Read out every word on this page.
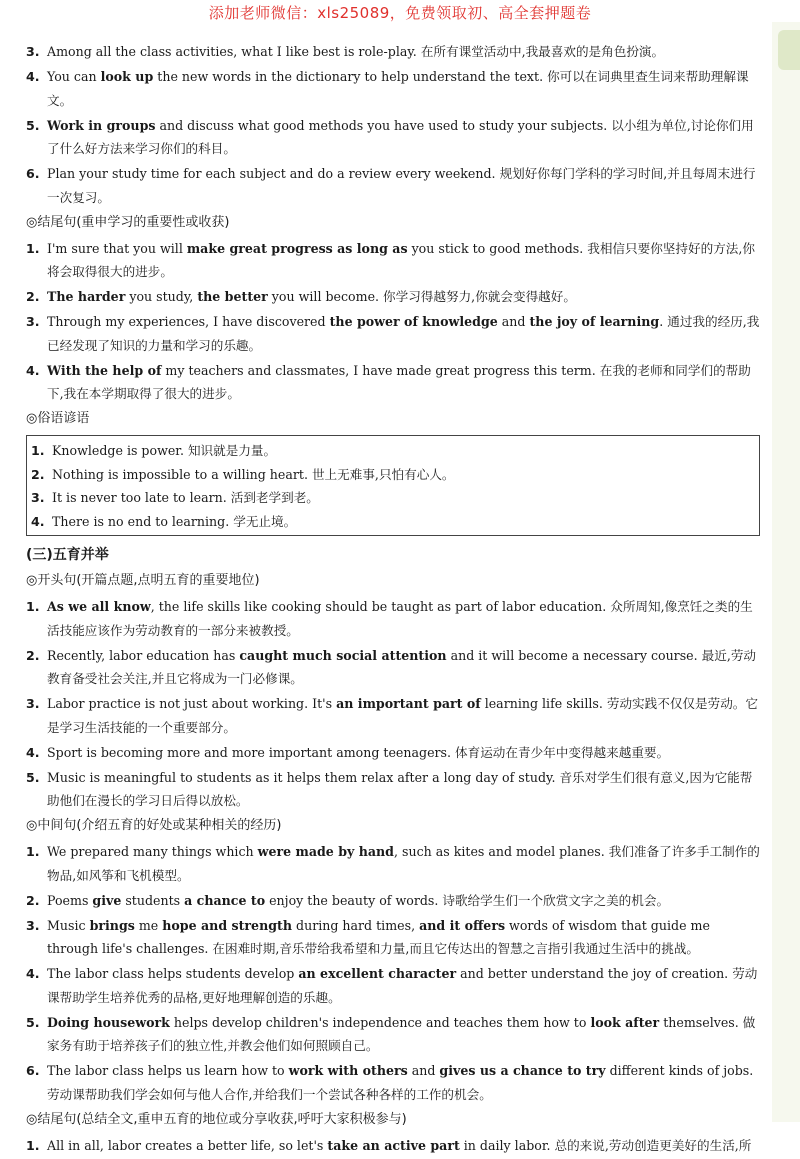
添加老师微信：xls25089，免费领取初、高全套押题卷
3. Among all the class activities, what I like best is role-play. 在所有课堂活动中,我最喜欢的是角色扮演。
4. You can look up the new words in the dictionary to help understand the text. 你可以在词典里查生词来帮助理解课文。
5. Work in groups and discuss what good methods you have used to study your subjects. 以小组为单位,讨论你们用了什么好方法来学习你们的科目。
6. Plan your study time for each subject and do a review every weekend. 规划好你每门学科的学习时间,并且每周末进行一次复习。
◎结尾句(重申学习的重要性或收获)
1. I'm sure that you will make great progress as long as you stick to good methods. 我相信只要你坚持好的方法,你将会取得很大的进步。
2. The harder you study, the better you will become. 你学习得越努力,你就会变得越好。
3. Through my experiences, I have discovered the power of knowledge and the joy of learning. 通过我的经历,我已经发现了知识的力量和学习的乐趣。
4. With the help of my teachers and classmates, I have made great progress this term. 在我的老师和同学们的帮助下,我在本学期取得了很大的进步。
◎俗语谚语
1. Knowledge is power. 知识就是力量。
2. Nothing is impossible to a willing heart. 世上无难事,只怕有心人。
3. It is never too late to learn. 活到老学到老。
4. There is no end to learning. 学无止境。
(三)五育并举
◎开头句(开篇点题,点明五育的重要地位)
1. As we all know, the life skills like cooking should be taught as part of labor education. 众所周知,像烹饪之类的生活技能应该作为劳动教育的一部分来被教授。
2. Recently, labor education has caught much social attention and it will become a necessary course. 最近,劳动教育备受社会关注,并且它将成为一门必修课。
3. Labor practice is not just about working. It's an important part of learning life skills. 劳动实践不仅仅是劳动。它是学习生活技能的一个重要部分。
4. Sport is becoming more and more important among teenagers. 体育运动在青少年中变得越来越重要。
5. Music is meaningful to students as it helps them relax after a long day of study. 音乐对学生们很有意义,因为它能帮助他们在漫长的学习日后得以放松。
◎中间句(介绍五育的好处或某种相关的经历)
1. We prepared many things which were made by hand, such as kites and model planes. 我们准备了许多手工制作的物品,如风筝和飞机模型。
2. Poems give students a chance to enjoy the beauty of words. 诗歌给学生们一个欣赏文字之美的机会。
3. Music brings me hope and strength during hard times, and it offers words of wisdom that guide me through life's challenges. 在困难时期,音乐带给我希望和力量,而且它传达出的智慧之言指引我通过生活中的挑战。
4. The labor class helps students develop an excellent character and better understand the joy of creation. 劳动课帮助学生培养优秀的品格,更好地理解创造的乐趣。
5. Doing housework helps develop children's independence and teaches them how to look after themselves. 做家务有助于培养孩子们的独立性,并教会他们如何照顾自己。
6. The labor class helps us learn how to work with others and gives us a chance to try different kinds of jobs. 劳动课帮助我们学会如何与他人合作,并给我们一个尝试各种各样的工作的机会。
◎结尾句(总结全文,重申五育的地位或分享收获,呼吁大家积极参与)
1. All in all, labor creates a better life, so let's take an active part in daily labor. 总的来说,劳动创造更美好的生活,所
